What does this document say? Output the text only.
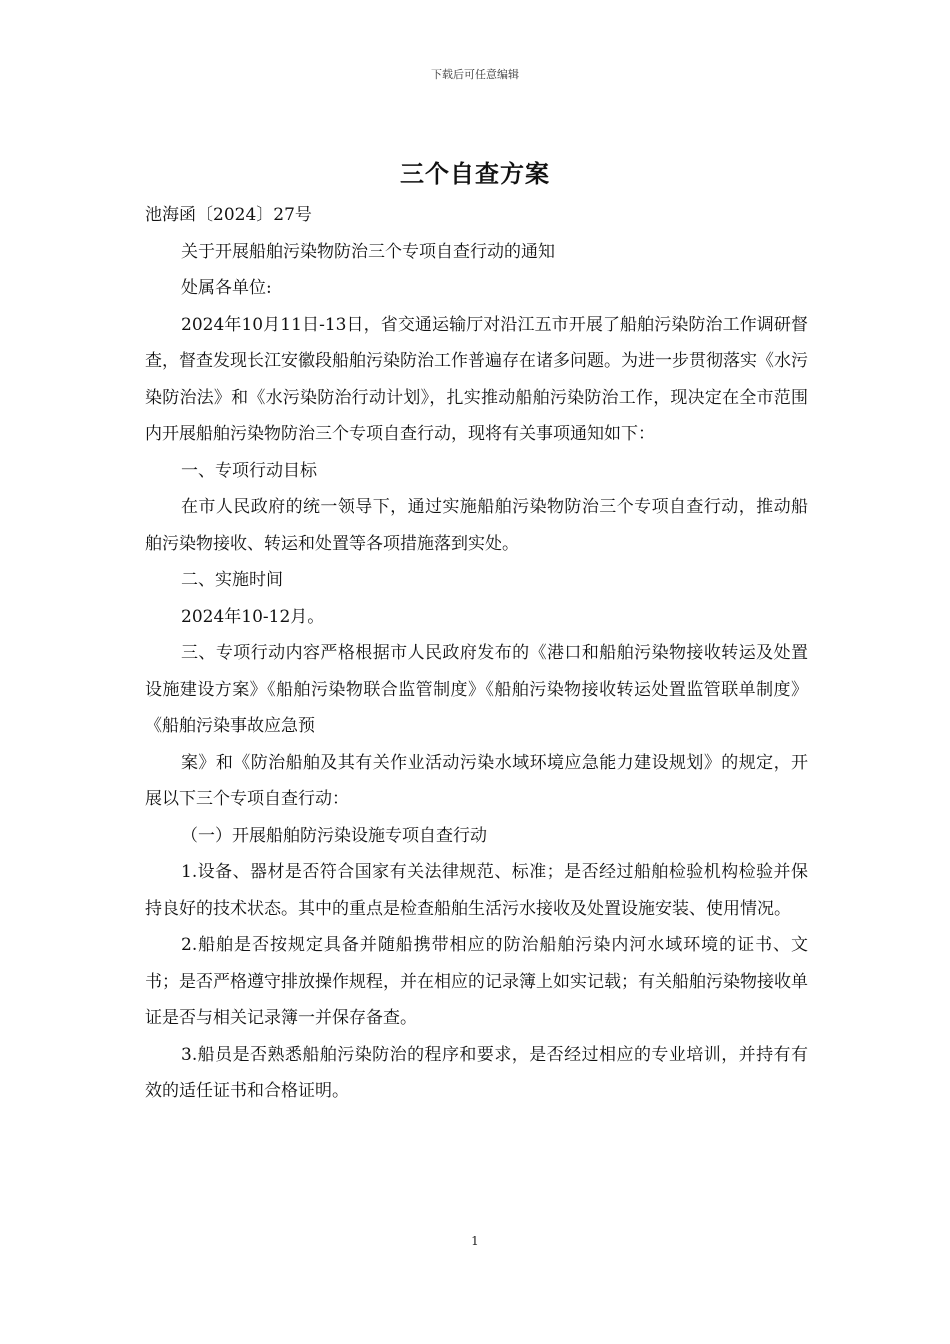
下载后可任意编辑
三个自查方案

池海函〔2024〕27号

关于开展船舶污染物防治三个专项自查行动的通知

处属各单位:

2024年10月11日-13日，省交通运输厅对沿江五市开展了船舶污染防治工作调研督查，督查发现长江安徽段船舶污染防治工作普遍存在诸多问题。为进一步贯彻落实《水污染防治法》和《水污染防治行动计划》，扎实推动船舶污染防治工作，现决定在全市范围内开展船舶污染物防治三个专项自查行动，现将有关事项通知如下：

一、专项行动目标

在市人民政府的统一领导下，通过实施船舶污染物防治三个专项自查行动，推动船舶污染物接收、转运和处置等各项措施落到实处。

二、实施时间

2024年10-12月。

三、专项行动内容严格根据市人民政府发布的《港口和船舶污染物接收转运及处置设施建设方案》《船舶污染物联合监管制度》《船舶污染物接收转运处置监管联单制度》《船舶污染事故应急预

案》和《防治船舶及其有关作业活动污染水域环境应急能力建设规划》的规定，开展以下三个专项自查行动：

（一）开展船舶防污染设施专项自查行动

1.设备、器材是否符合国家有关法律规范、标准；是否经过船舶检验机构检验并保持良好的技术状态。其中的重点是检查船舶生活污水接收及处置设施安装、使用情况。

2.船舶是否按规定具备并随船携带相应的防治船舶污染内河水域环境的证书、文书；是否严格遵守排放操作规程，并在相应的记录簿上如实记载；有关船舶污染物接收单证是否与相关记录簿一并保存备查。

3.船员是否熟悉船舶污染防治的程序和要求，是否经过相应的专业培训，并持有有效的适任证书和合格证明。

1
